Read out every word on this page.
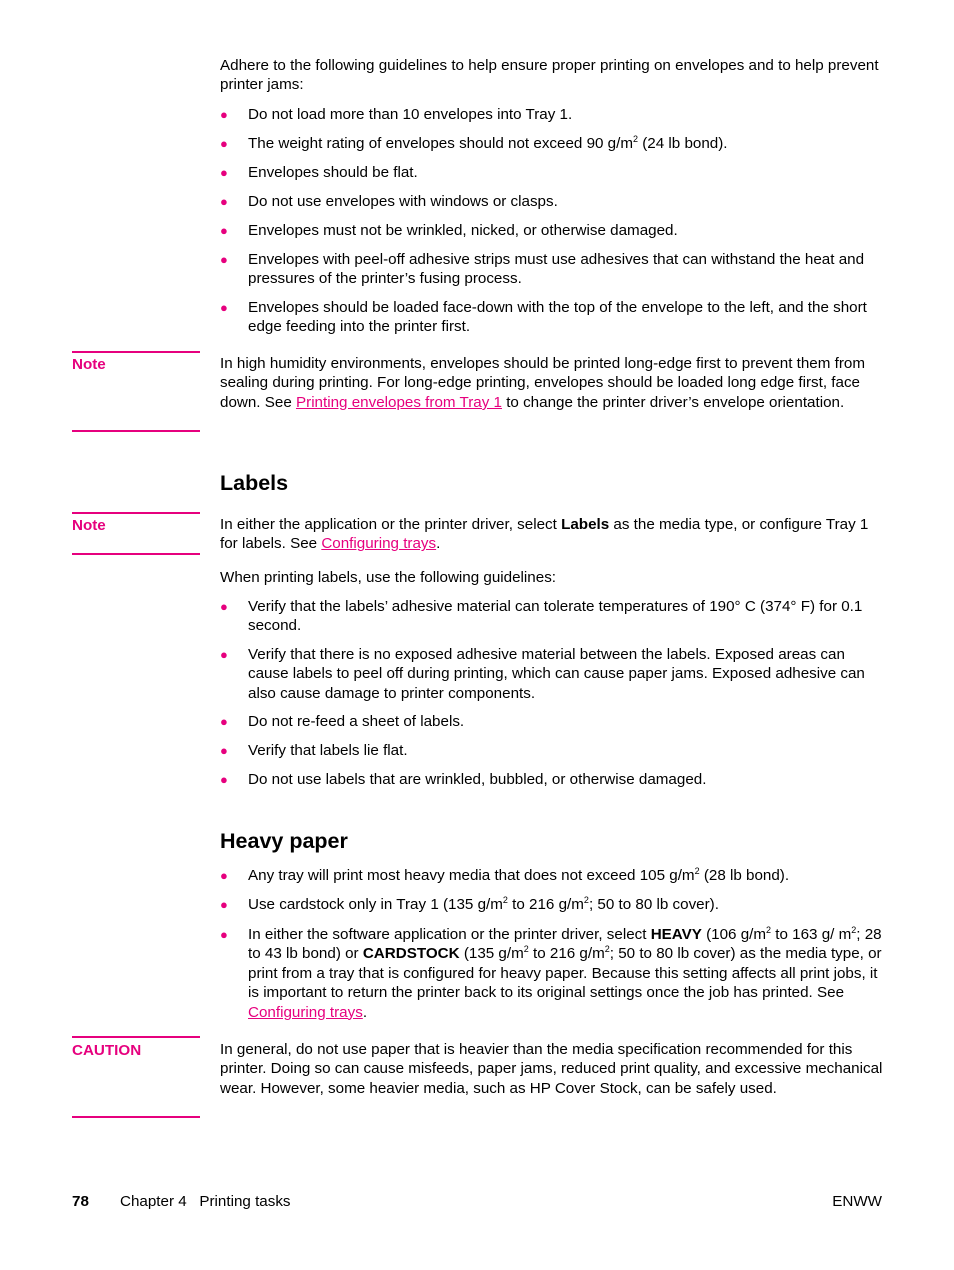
Adhere to the following guidelines to help ensure proper printing on envelopes and to help prevent printer jams:
● Do not load more than 10 envelopes into Tray 1.
● The weight rating of envelopes should not exceed 90 $g/m^2$ (24 lb bond).
● Envelopes should be flat.
● Do not use envelopes with windows or clasps.
● Envelopes must not be wrinkled, nicked, or otherwise damaged.
● Envelopes with peel-off adhesive strips must use adhesives that can withstand the heat and pressures of the printer’s fusing process.
● Envelopes should be loaded face-down with the top of the envelope to the left, and the short edge feeding into the printer first.
Note	In high humidity environments, envelopes should be printed long-edge first to prevent them from sealing during printing. For long-edge printing, envelopes should be loaded long edge first, face down. See Printing envelopes from Tray 1 to change the printer driver’s envelope orientation.
Labels
Note	In either the application or the printer driver, select Labels as the media type, or configure Tray 1 for labels. See Configuring trays.
When printing labels, use the following guidelines:
● Verify that the labels’ adhesive material can tolerate temperatures of 190° C (374° F) for 0.1 second.
● Verify that there is no exposed adhesive material between the labels. Exposed areas can cause labels to peel off during printing, which can cause paper jams. Exposed adhesive can also cause damage to printer components.
● Do not re-feed a sheet of labels.
● Verify that labels lie flat.
● Do not use labels that are wrinkled, bubbled, or otherwise damaged.
Heavy paper
● Any tray will print most heavy media that does not exceed 105 $g/m^2$ (28 lb bond).
● Use cardstock only in Tray 1 (135 $g/m^2$ to 216 $g/m^2$; 50 to 80 lb cover).
● In either the software application or the printer driver, select HEAVY (106 $g/m^2$ to 163 g/ $m^2$; 28 to 43 lb bond) or CARDSTOCK (135 $g/m^2$ to 216 $g/m^2$; 50 to 80 lb cover) as the media type, or print from a tray that is configured for heavy paper. Because this setting affects all print jobs, it is important to return the printer back to its original settings once the job has printed. See Configuring trays.
CAUTION	In general, do not use paper that is heavier than the media specification recommended for this printer. Doing so can cause misfeeds, paper jams, reduced print quality, and excessive mechanical wear. However, some heavier media, such as HP Cover Stock, can be safely used.
78 Chapter 4   Printing tasks	ENWW
